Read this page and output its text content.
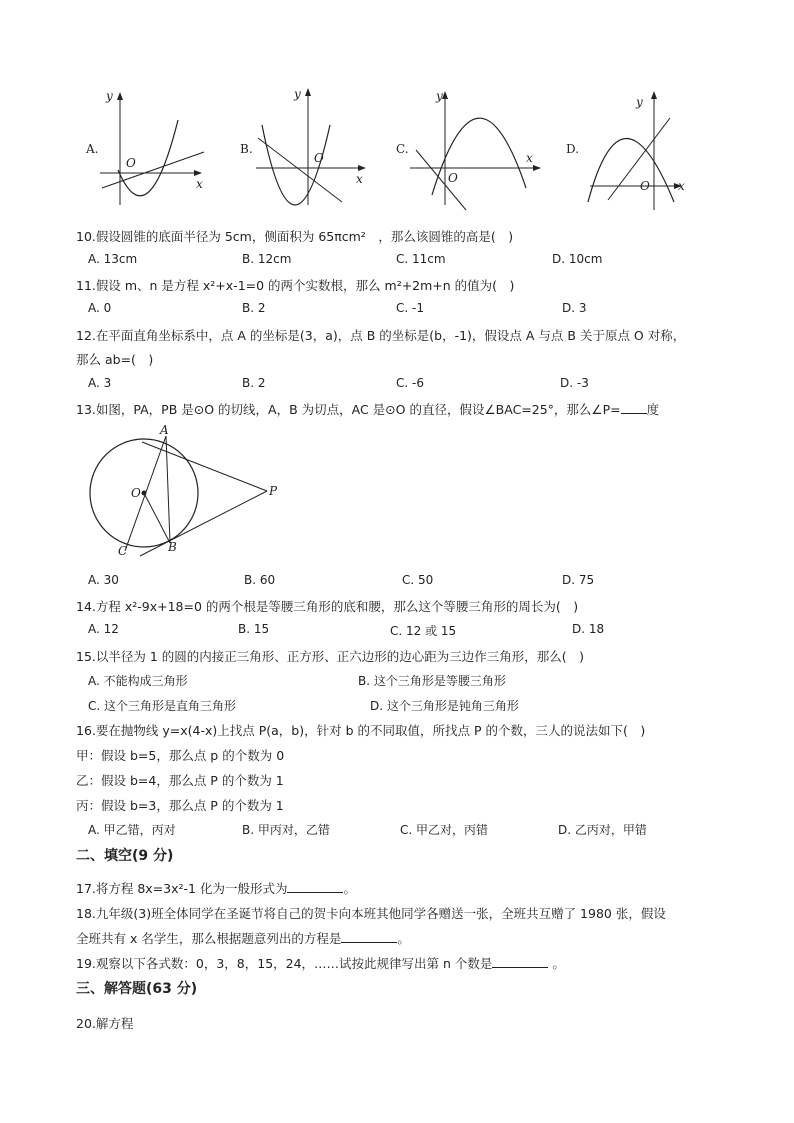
A.
O
x
y
B.
O
x
y
C.
O
x
y
D.
O x
y
10.假设圆锥的底面半径为 5cm，侧面积为 65πcm²　，那么该圆锥的高是(　)
A. 13cm	B. 12cm	C. 11cm	D. 10cm
11.假设 m、n 是方程 x²+x-1=0 的两个实数根，那么 m²+2m+n 的值为(　)
A. 0	B. 2	C. -1	D. 3
12.在平面直角坐标系中，点 A 的坐标是(3，a)，点 B 的坐标是(b，-1)，假设点 A 与点 B 关于原点 O 对称，
那么 ab=(　)
A. 3	B. 2	C. -6	D. -3
13.如图，PA，PB 是⊙O 的切线，A，B 为切点，AC 是⊙O 的直径，假设∠BAC=25°，那么∠P= 度
A
B
C
O	P
A. 30	B. 60	C. 50	D. 75
14.方程 x²-9x+18=0 的两个根是等腰三角形的底和腰，那么这个等腰三角形的周长为(　)
A. 12	B. 15	C. 12 或 15	D. 18
15.以半径为 1 的圆的内接正三角形、正方形、正六边形的边心距为三边作三角形，那么(　)
A. 不能构成三角形	B. 这个三角形是等腰三角形
C. 这个三角形是直角三角形	D. 这个三角形是钝角三角形
16.要在抛物线 y=x(4-x)上找点 P(a，b)，针对 b 的不同取值，所找点 P 的个数，三人的说法如下(　)
甲：假设 b=5，那么点 p 的个数为 0
乙：假设 b=4，那么点 P 的个数为 1
丙：假设 b=3，那么点 P 的个数为 1
A. 甲乙错，丙对	B. 甲丙对，乙错	C. 甲乙对，丙错	D. 乙丙对，甲错
二、填空(9 分)
17.将方程 8x=3x²-1 化为一般形式为	。
18.九年级(3)班全体同学在圣诞节将自己的贺卡向本班其他同学各赠送一张，全班共互赠了 1980 张，假设
全班共有 x 名学生，那么根据题意列出的方程是	。
19.观察以下各式数：0，3，8，15，24，……试按此规律写出第 n 个数是	。
三、解答题(63 分)
20.解方程
